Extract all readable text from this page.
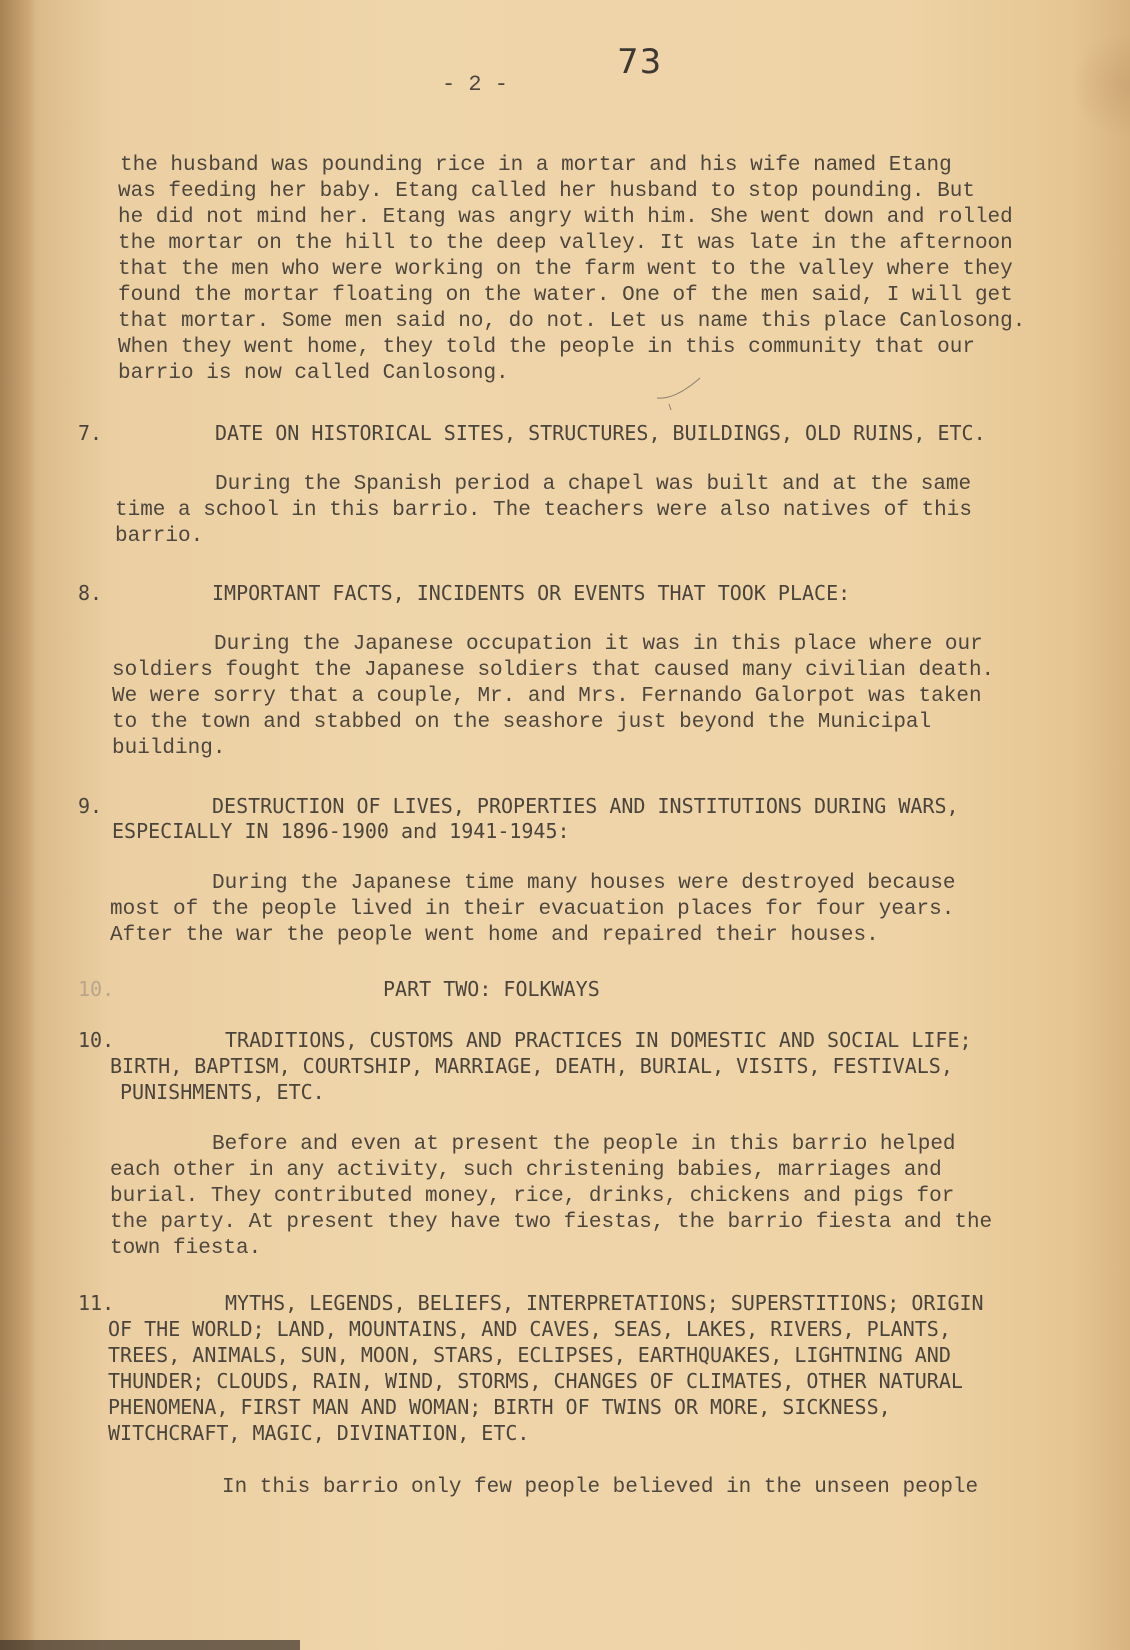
73
- 2 -
the husband was pounding rice in a mortar and his wife named Etang
was feeding her baby. Etang called her husband to stop pounding. But
he did not mind her. Etang was angry with him. She went down and rolled
the mortar on the hill to the deep valley. It was late in the afternoon
that the men who were working on the farm went to the valley where they
found the mortar floating on the water. One of the men said, I will get
that mortar. Some men said no, do not. Let us name this place Canlosong.
When they went home, they told the people in this community that our
barrio is now called Canlosong.
7.	DATE ON HISTORICAL SITES, STRUCTURES, BUILDINGS, OLD RUINS, ETC.
During the Spanish period a chapel was built and at the same
time a school in this barrio. The teachers were also natives of this
barrio.
8.	IMPORTANT FACTS, INCIDENTS OR EVENTS THAT TOOK PLACE:
During the Japanese occupation it was in this place where our
soldiers fought the Japanese soldiers that caused many civilian death.
We were sorry that a couple, Mr. and Mrs. Fernando Galorpot was taken
to the town and stabbed on the seashore just beyond the Municipal
building.
9.	DESTRUCTION OF LIVES, PROPERTIES AND INSTITUTIONS DURING WARS,
ESPECIALLY IN 1896-1900 and 1941-1945:
During the Japanese time many houses were destroyed because
most of the people lived in their evacuation places for four years.
After the war the people went home and repaired their houses.
10.	PART TWO: FOLKWAYS
10.	TRADITIONS, CUSTOMS AND PRACTICES IN DOMESTIC AND SOCIAL LIFE;
BIRTH, BAPTISM, COURTSHIP, MARRIAGE, DEATH, BURIAL, VISITS, FESTIVALS,
PUNISHMENTS, ETC.
Before and even at present the people in this barrio helped
each other in any activity, such christening babies, marriages and
burial. They contributed money, rice, drinks, chickens and pigs for
the party. At present they have two fiestas, the barrio fiesta and the
town fiesta.
11.	MYTHS, LEGENDS, BELIEFS, INTERPRETATIONS; SUPERSTITIONS; ORIGIN
OF THE WORLD; LAND, MOUNTAINS, AND CAVES, SEAS, LAKES, RIVERS, PLANTS,
TREES, ANIMALS, SUN, MOON, STARS, ECLIPSES, EARTHQUAKES, LIGHTNING AND
THUNDER; CLOUDS, RAIN, WIND, STORMS, CHANGES OF CLIMATES, OTHER NATURAL
PHENOMENA, FIRST MAN AND WOMAN; BIRTH OF TWINS OR MORE, SICKNESS,
WITCHCRAFT, MAGIC, DIVINATION, ETC.
In this barrio only few people believed in the unseen people
